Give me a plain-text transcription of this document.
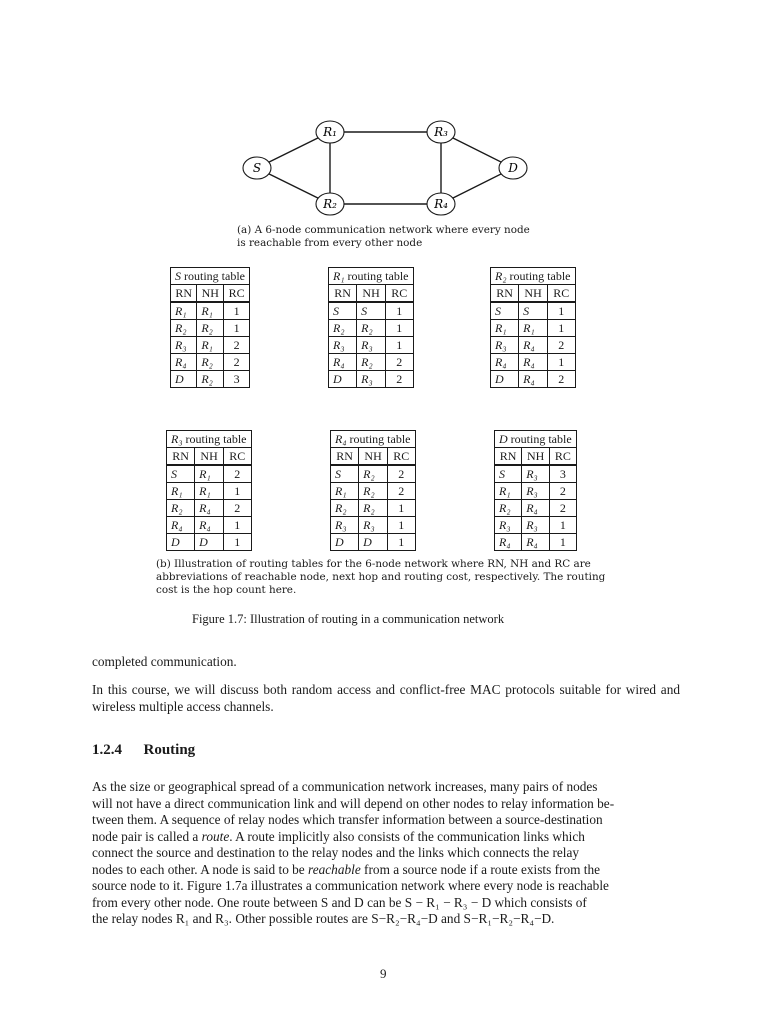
S
R₁
R₂
R₃
R₄
D
(a) A 6-node communication network where every node
is reachable from every other node
S routing table		
RN	NH	RC
R₁	R₁	1
R₂	R₂	1
R₃	R₁	2
R₄	R₂	2
D	R₂	3
R₁ routing table		
RN	NH	RC
S	S	1
R₂	R₂	1
R₃	R₃	1
R₄	R₂	2
D	R₃	2
R₂ routing table		
RN	NH	RC
S	S	1
R₁	R₁	1
R₃	R₄	2
R₄	R₄	1
D	R₄	2
R₃ routing table		
RN	NH	RC
S	R₁	2
R₁	R₁	1
R₂	R₄	2
R₄	R₄	1
D	D	1
R₄ routing table		
RN	NH	RC
S	R₂	2
R₁	R₂	2
R₂	R₂	1
R₃	R₃	1
D	D	1
D routing table		
RN	NH	RC
S	R₃	3
R₁	R₃	2
R₂	R₄	2
R₃	R₃	1
R₄	R₄	1
(b) Illustration of routing tables for the 6-node network where RN, NH and RC are
abbreviations of reachable node, next hop and routing cost, respectively. The routing
cost is the hop count here.
Figure 1.7: Illustration of routing in a communication network
completed communication.
In this course, we will discuss both random access and conflict-free MAC protocols suitable for wired and wireless multiple access channels.
1.2.4 Routing
As the size or geographical spread of a communication network increases, many pairs of nodes
will not have a direct communication link and will depend on other nodes to relay information be-
tween them. A sequence of relay nodes which transfer information between a source-destination
node pair is called a route. A route implicitly also consists of the communication links which
connect the source and destination to the relay nodes and the links which connects the relay
nodes to each other. A node is said to be reachable from a source node if a route exists from the
source node to it. Figure 1.7a illustrates a communication network where every node is reachable
from every other node. One route between S and D can be S − R₁ − R₃ − D which consists of
the relay nodes R₁ and R₃. Other possible routes are S−R₂−R₄−D and S−R₁−R₂−R₄−D.
9
